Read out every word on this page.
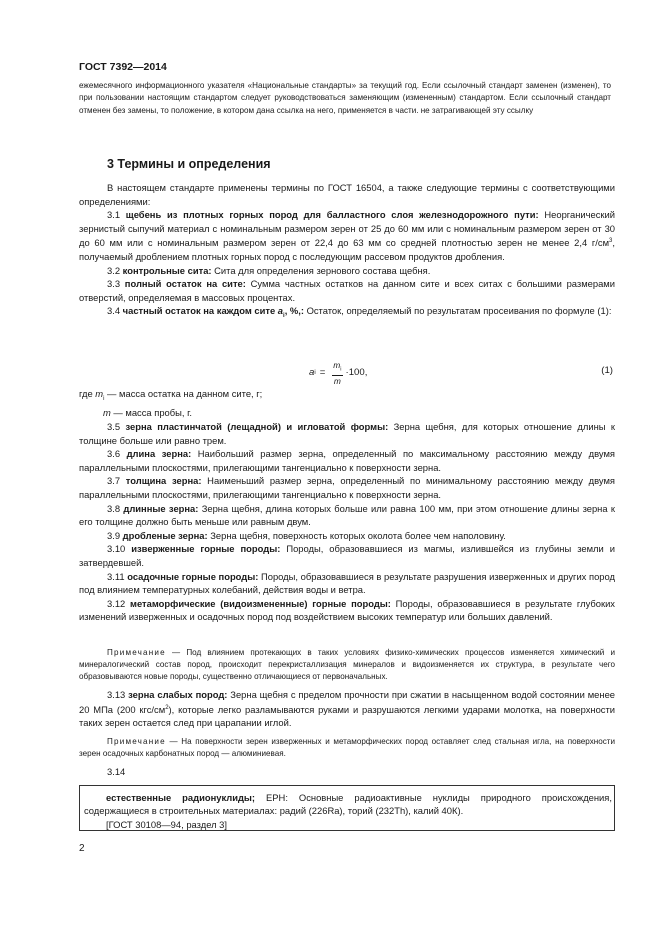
ГОСТ 7392—2014
ежемесячного информационного указателя «Национальные стандарты» за текущий год. Если ссылочный стандарт заменен (изменен), то при пользовании настоящим стандартом следует руководствоваться заменяющим (измененным) стандартом. Если ссылочный стандарт отменен без замены, то положение, в котором дана ссылка на него, применяется в части. не затрагивающей эту ссылку
3 Термины и определения

В настоящем стандарте применены термины по ГОСТ 16504, а также следующие термины с соответствующими определениями:

3.1 щебень из плотных горных пород для балластного слоя железнодорожного пути: Неорганический зернистый сыпучий материал с номинальным размером зерен от 25 до 60 мм или с номинальным размером зерен от 30 до 60 мм или с номинальным размером зерен от 22,4 до 63 мм со средней плотностью зерен не менее 2,4 $г/см^3$, получаемый дроблением плотных горных пород с последующим рассевом продуктов дробления.

3.2 контрольные сита: Сита для определения зернового состава щебня.

3.3 полный остаток на сите: Сумма частных остатков на данном сите и всех ситах с большими размерами отверстий, определяемая в массовых процентах.

3.4 частный остаток на каждом сите $a_i$, %,: Остаток, определяемый по результатам просеивания по формуле (1):

a $i = \frac{m_i}{m} \cdot 100$,	(1)
где $m_i$ — масса остатка на данном сите, г;
m — масса пробы, г.

3.5 зерна пластинчатой (лещадной) и игловатой формы: Зерна щебня, для которых отношение длины к толщине больше или равно трем.

3.6 длина зерна: Наибольший размер зерна, определенный по максимальному расстоянию между двумя параллельными плоскостями, прилегающими тангенциально к поверхности зерна.

3.7 толщина зерна: Наименьший размер зерна, определенный по минимальному расстоянию между двумя параллельными плоскостями, прилегающими тангенциально к поверхности зерна.

3.8 длинные зерна: Зерна щебня, длина которых больше или равна 100 мм, при этом отношение длины зерна к его толщине должно быть меньше или равным двум.

3.9 дробленые зерна: Зерна щебня, поверхность которых околота более чем наполовину.

3.10 изверженные горные породы: Породы, образовавшиеся из магмы, излившейся из глубины земли и затвердевшей.

3.11 осадочные горные породы: Породы, образовавшиеся в результате разрушения изверженных и других пород под влиянием температурных колебаний, действия воды и ветра.

3.12 метаморфические (видоизмененные) горные породы: Породы, образовавшиеся в результате глубоких изменений изверженных и осадочных пород под воздействием высоких температур или больших давлений.

Примечание — Под влиянием протекающих в таких условиях физико-химических процессов изменяется химический и минералогический состав пород, происходит перекристаллизация минералов и видоизменяется их структура, в результате чего образовываются новые породы, существенно отличающиеся от первоначальных.

3.13 зерна слабых пород: Зерна щебня с пределом прочности при сжатии в насыщенном водой состоянии менее 20 МПа (200 кгс/$см^2$), которые легко разламываются руками и разрушаются легкими ударами молотка, на поверхности таких зерен остается след при царапании иглой.

Примечание — На поверхности зерен изверженных и метаморфических пород оставляет след стальная игла, на поверхности зерен осадочных карбонатных пород — алюминиевая.

3.14

естественные радионуклиды; ЕРН: Основные радиоактивные нуклиды природного происхождения, содержащиеся в строительных материалах: радий (226Ra), торий (232Th), калий 40К).

[ГОСТ 30108—94, раздел 3]

2
